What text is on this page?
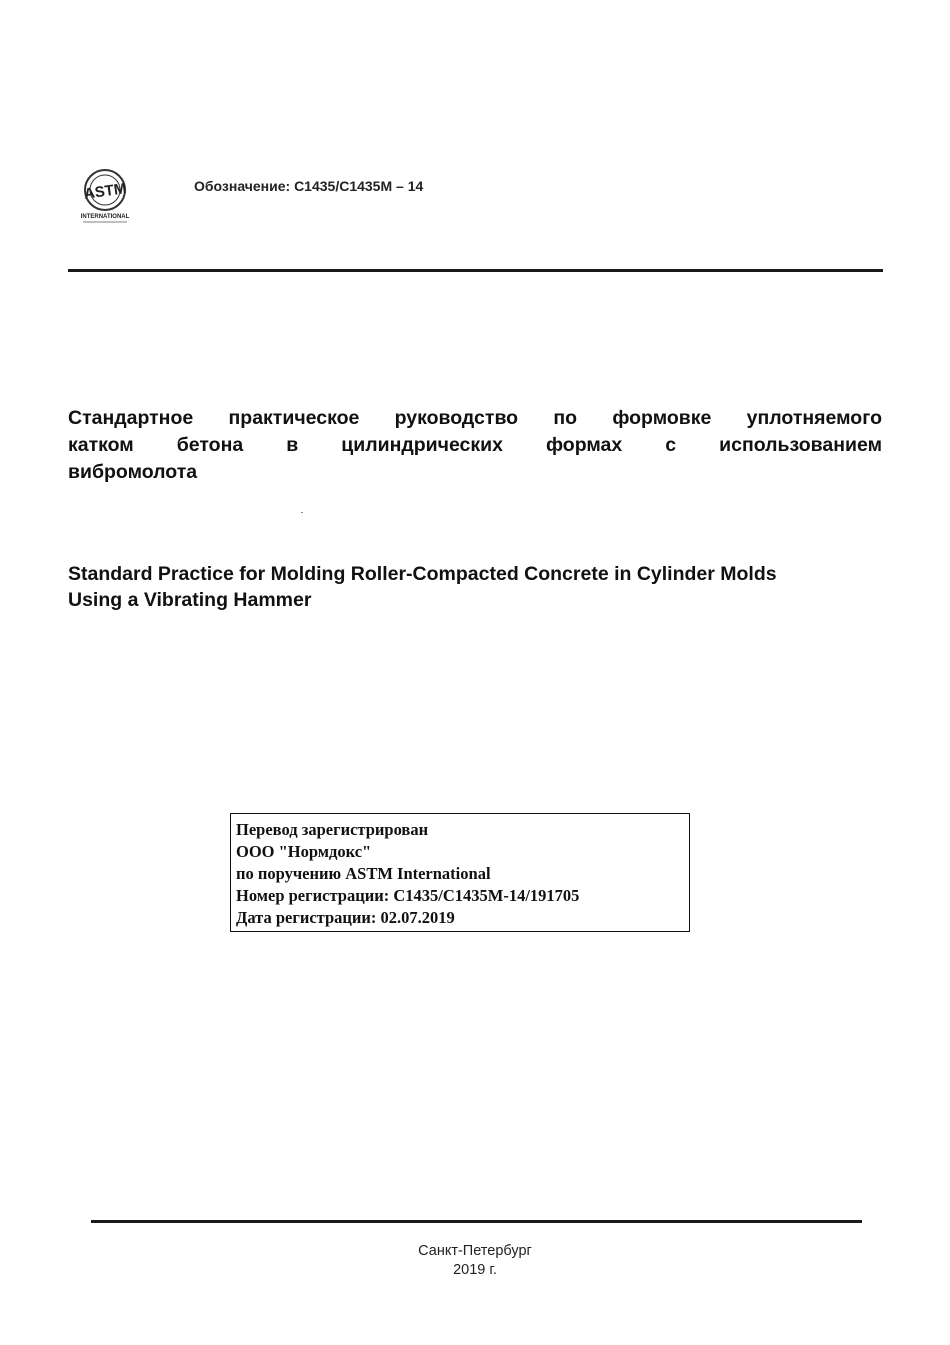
ASTM
INTERNATIONAL
Обозначение: C1435/C1435M – 14
Стандартное практическое руководство по формовке уплотняемого
катком бетона в цилиндрических формах с использованием
вибромолота
Standard Practice for Molding Roller-Compacted Concrete in Cylinder Molds
Using a Vibrating Hammer
Перевод зарегистрирован
ООО "Нормдокс"
по поручению ASTM International
Номер регистрации: C1435/C1435M-14/191705
Дата регистрации: 02.07.2019
Санкт-Петербург
2019 г.
